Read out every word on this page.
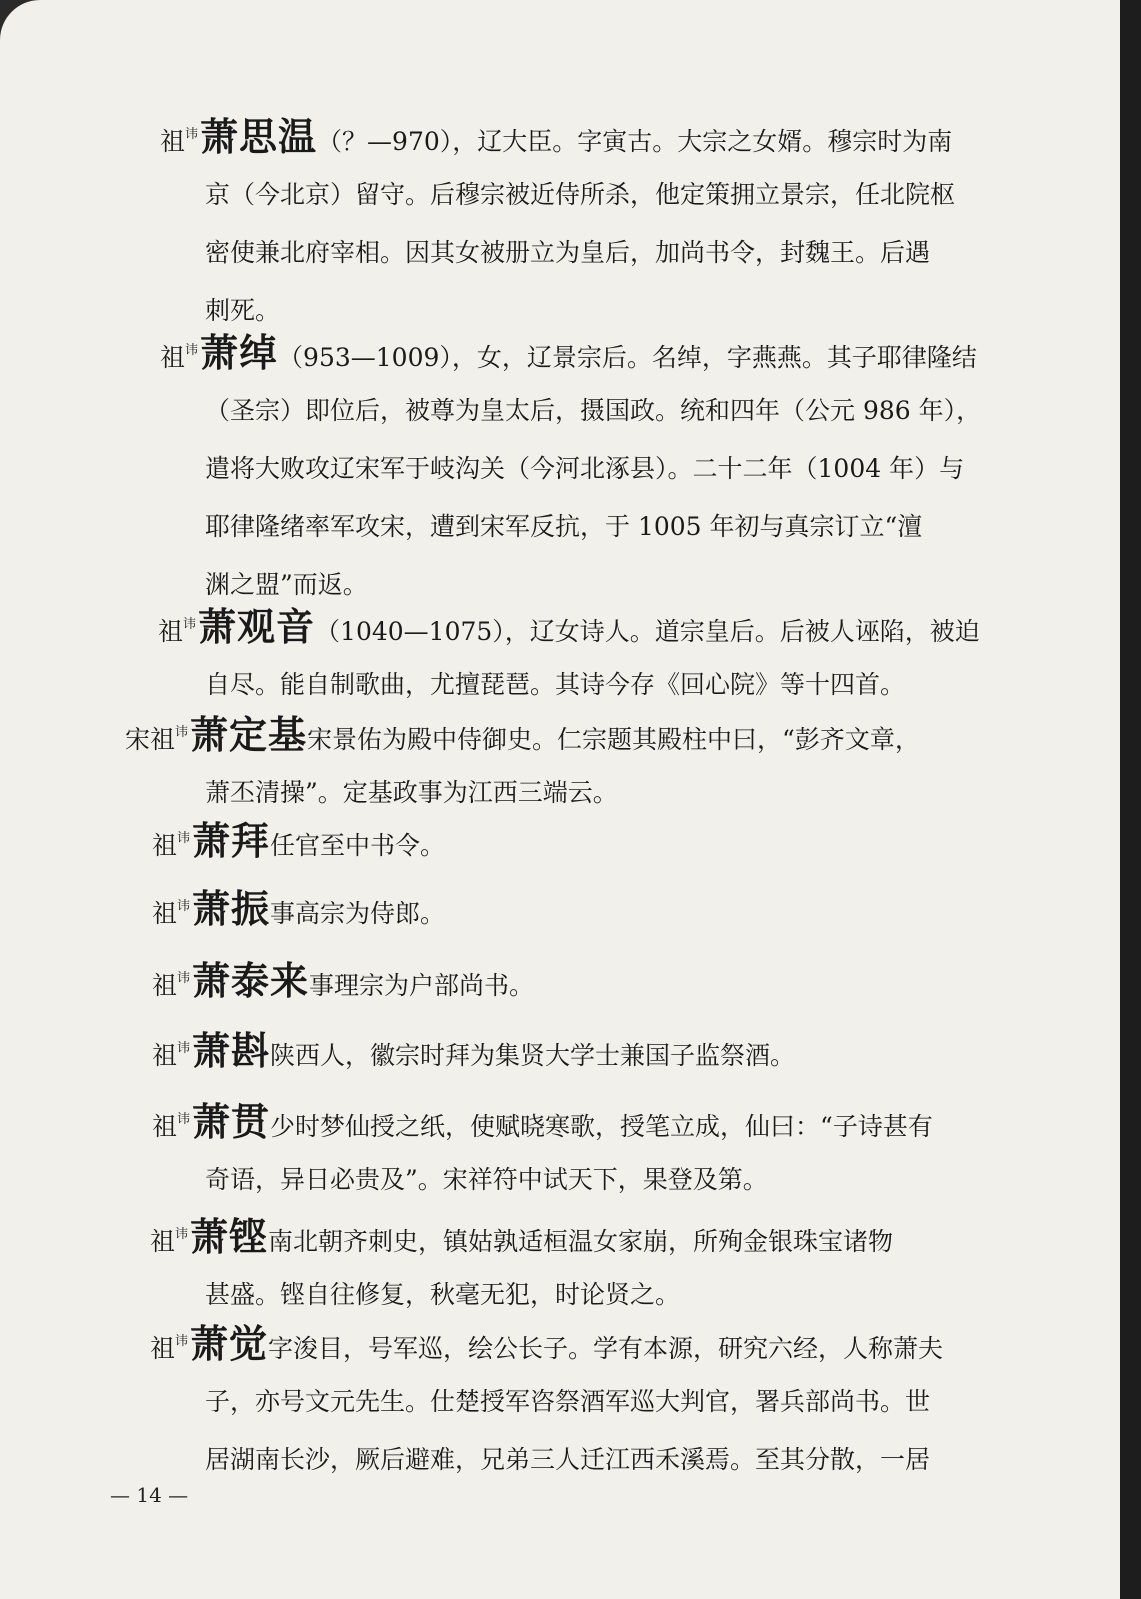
祖$^讳$萧思温（？—970），辽大臣。字寅古。大宗之女婿。穆宗时为南
京（今北京）留守。后穆宗被近侍所杀，他定策拥立景宗，任北院枢
密使兼北府宰相。因其女被册立为皇后，加尚书令，封魏王。后遇
刺死。
祖$^讳$萧绰（953—1009），女，辽景宗后。名绰，字燕燕。其子耶律隆结
（圣宗）即位后，被尊为皇太后，摄国政。统和四年（公元 986 年），
遣将大败攻辽宋军于岐沟关（今河北涿县）。二十二年（1004 年）与
耶律隆绪率军攻宋，遭到宋军反抗，于 1005 年初与真宗订立“澶
渊之盟”而返。
祖$^讳$萧观音（1040—1075），辽女诗人。道宗皇后。后被人诬陷，被迫
自尽。能自制歌曲，尤擅琵琶。其诗今存《回心院》等十四首。
宋祖$^讳$萧定基宋景佑为殿中侍御史。仁宗题其殿柱中曰，“彭齐文章，
萧丕清操”。定基政事为江西三端云。
祖$^讳$萧拜任官至中书令。
祖$^讳$萧振事高宗为侍郎。
祖$^讳$萧泰来事理宗为户部尚书。
祖$^讳$萧斟陕西人，徽宗时拜为集贤大学士兼国子监祭酒。
祖$^讳$萧贯少时梦仙授之纸，使赋晓寒歌，授笔立成，仙曰：“子诗甚有
奇语，异日必贵及”。宋祥符中试天下，果登及第。
祖$^讳$萧铿南北朝齐刺史，镇姑孰适桓温女家崩，所殉金银珠宝诸物
甚盛。铿自往修复，秋毫无犯，时论贤之。
祖$^讳$萧觉字浚目，号军巡，绘公长子。学有本源，研究六经，人称萧夫
子，亦号文元先生。仕楚授军咨祭酒军巡大判官，署兵部尚书。世
居湖南长沙，厥后避难，兄弟三人迁江西禾溪焉。至其分散，一居
— 14 —
